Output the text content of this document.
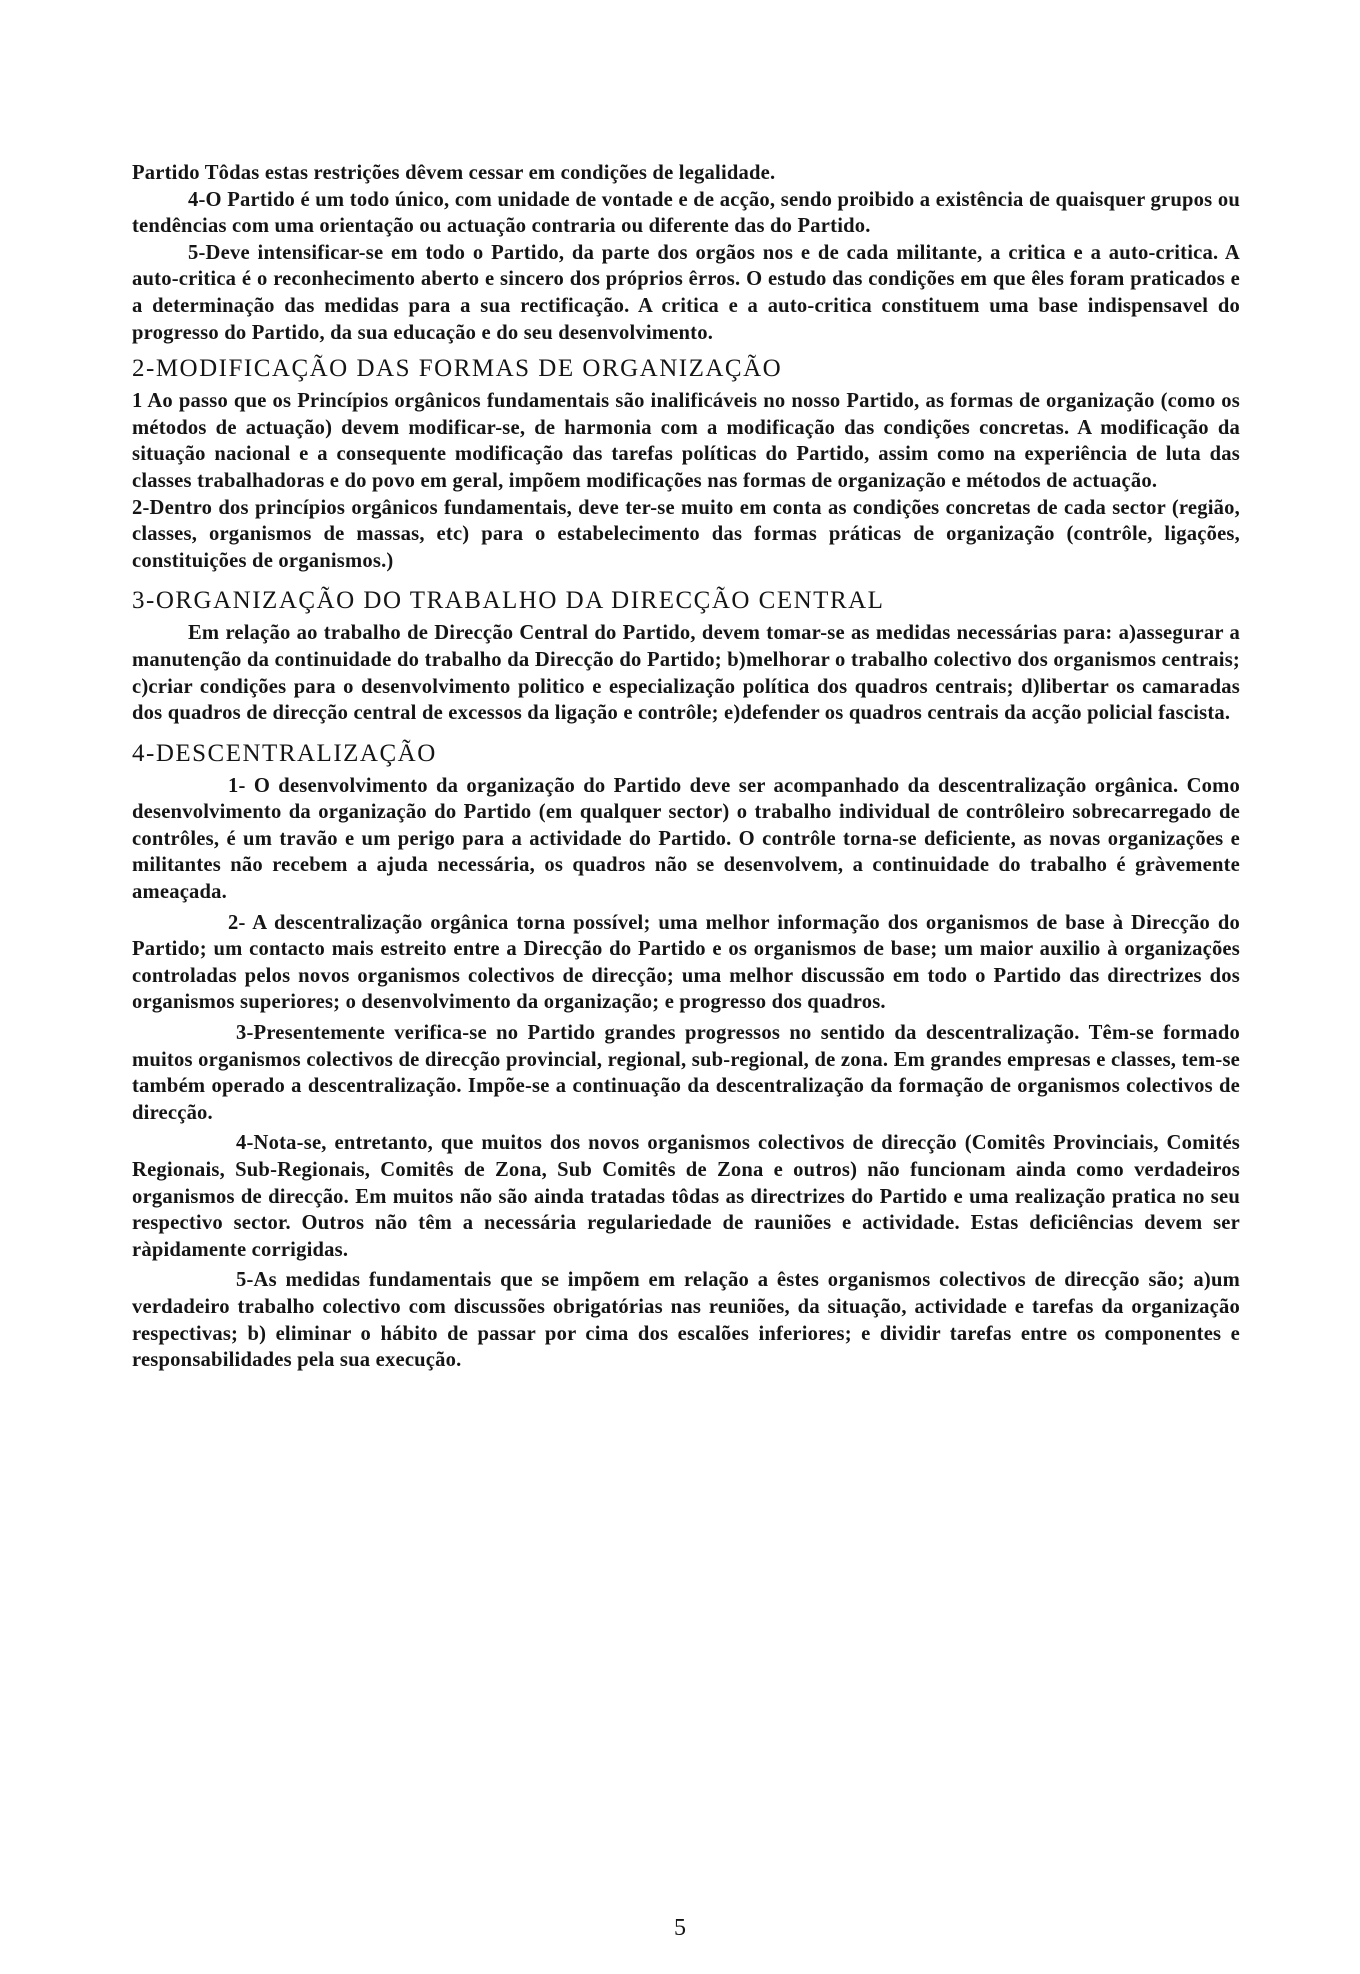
Partido Tôdas estas restrições dêvem cessar em condições de legalidade.

4-O Partido é um todo único, com unidade de vontade e de acção, sendo proibido a existência de quaisquer grupos ou tendências com uma orientação ou actuação contraria ou diferente das do Partido.

5-Deve intensificar-se em todo o Partido, da parte dos orgãos nos e de cada militante, a critica e a auto-critica. A auto-critica é o reconhecimento aberto e sincero dos próprios êrros. O estudo das condições em que êles foram praticados e a determinação das medidas para a sua rectificação. A critica e a auto-critica constituem uma base indispensavel do progresso do Partido, da sua educação e do seu desenvolvimento.

2-MODIFICAÇÃO DAS FORMAS DE ORGANIZAÇÃO

1 Ao passo que os Princípios orgânicos fundamentais são inalificáveis no nosso Partido, as formas de organização (como os métodos de actuação) devem modificar-se, de harmonia com a modificação das condições concretas. A modificação da situação nacional e a consequente modificação das tarefas políticas do Partido, assim como na experiência de luta das classes trabalhadoras e do povo em geral, impõem modificações nas formas de organização e métodos de actuação.

2-Dentro dos princípios orgânicos fundamentais, deve ter-se muito em conta as condições concretas de cada sector (região, classes, organismos de massas, etc) para o estabelecimento das formas práticas de organização (contrôle, ligações, constituições de organismos.)

3-ORGANIZAÇÃO DO TRABALHO DA DIRECÇÃO CENTRAL

Em relação ao trabalho de Direcção Central do Partido, devem tomar-se as medidas necessárias para: a)assegurar a manutenção da continuidade do trabalho da Direcção do Partido; b)melhorar o trabalho colectivo dos organismos centrais; c)criar condições para o desenvolvimento politico e especialização política dos quadros centrais; d)libertar os camaradas dos quadros de direcção central de excessos da ligação e contrôle; e)defender os quadros centrais da acção policial fascista.

4-DESCENTRALIZAÇÃO

1- O desenvolvimento da organização do Partido deve ser acompanhado da descentralização orgânica. Como desenvolvimento da organização do Partido (em qualquer sector) o trabalho individual de contrôleiro sobrecarregado de contrôles, é um travão e um perigo para a actividade do Partido. O contrôle torna-se deficiente, as novas organizações e militantes não recebem a ajuda necessária, os quadros não se desenvolvem, a continuidade do trabalho é gràvemente ameaçada.

2- A descentralização orgânica torna possível; uma melhor informação dos organismos de base à Direcção do Partido; um contacto mais estreito entre a Direcção do Partido e os organismos de base; um maior auxilio à organizações controladas pelos novos organismos colectivos de direcção; uma melhor discussão em todo o Partido das directrizes dos organismos superiores; o desenvolvimento da organização; e progresso dos quadros.

3-Presentemente verifica-se no Partido grandes progressos no sentido da descentralização. Têm-se formado muitos organismos colectivos de direcção provincial, regional, sub-regional, de zona. Em grandes empresas e classes, tem-se também operado a descentralização. Impõe-se a continuação da descentralização da formação de organismos colectivos de direcção.

4-Nota-se, entretanto, que muitos dos novos organismos colectivos de direcção (Comitês Provinciais, Comités Regionais, Sub-Regionais, Comitês de Zona, Sub Comitês de Zona e outros) não funcionam ainda como verdadeiros organismos de direcção. Em muitos não são ainda tratadas tôdas as directrizes do Partido e uma realização pratica no seu respectivo sector. Outros não têm a necessária regulariedade de rauniões e actividade. Estas deficiências devem ser ràpidamente corrigidas.

5-As medidas fundamentais que se impõem em relação a êstes organismos colectivos de direcção são; a)um verdadeiro trabalho colectivo com discussões obrigatórias nas reuniões, da situação, actividade e tarefas da organização respectivas; b) eliminar o hábito de passar por cima dos escalões inferiores; e dividir tarefas entre os componentes e responsabilidades pela sua execução.

5
